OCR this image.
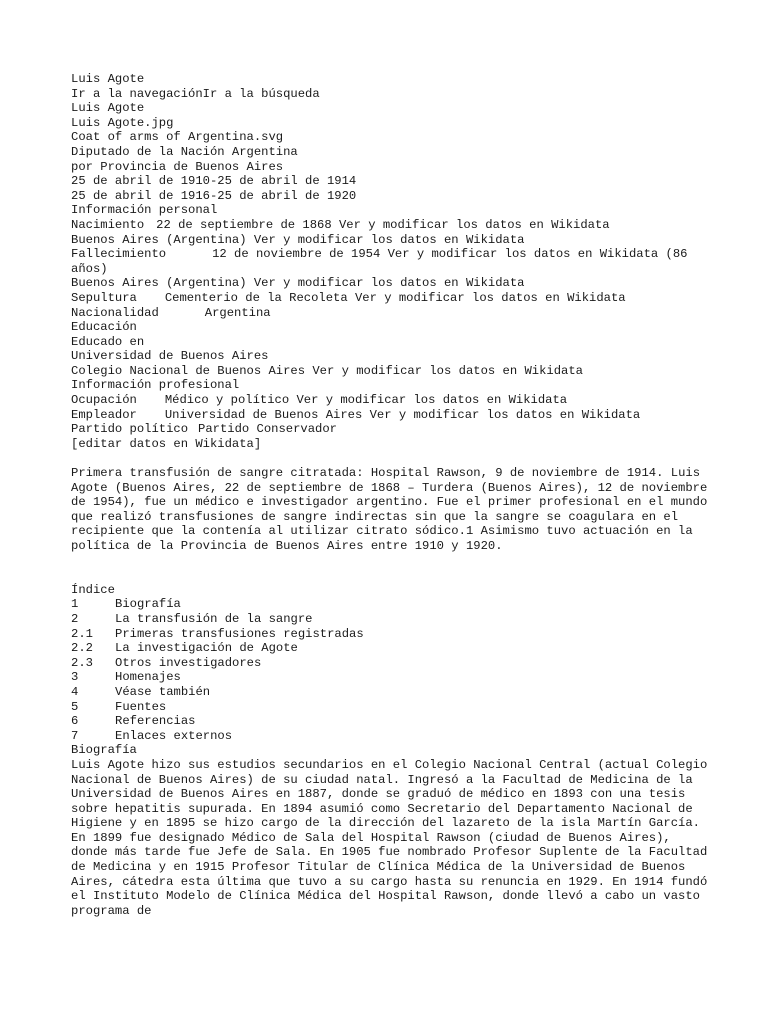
Luis Agote
Ir a la navegaciónIr a la búsqueda
Luis Agote
Luis Agote.jpg
Coat of arms of Argentina.svg
Diputado de la Nación Argentina
por Provincia de Buenos Aires
25 de abril de 1910-25 de abril de 1914
25 de abril de 1916-25 de abril de 1920
Información personal
Nacimiento 22 de septiembre de 1868 Ver y modificar los datos en Wikidata
Buenos Aires (Argentina) Ver y modificar los datos en Wikidata
Fallecimiento	12 de noviembre de 1954 Ver y modificar los datos en Wikidata (86
años)
Buenos Aires (Argentina) Ver y modificar los datos en Wikidata
Sepultura Cementerio de la Recoleta Ver y modificar los datos en Wikidata
Nacionalidad	Argentina
Educación
Educado en
Universidad de Buenos Aires
Colegio Nacional de Buenos Aires Ver y modificar los datos en Wikidata
Información profesional
Ocupación Médico y político Ver y modificar los datos en Wikidata
Empleador Universidad de Buenos Aires Ver y modificar los datos en Wikidata
Partido político Partido Conservador
[editar datos en Wikidata]
Primera transfusión de sangre citratada: Hospital Rawson, 9 de noviembre de 1914. Luis Agote (Buenos Aires, 22 de septiembre de 1868 – Turdera (Buenos Aires), 12 de noviembre de 1954), fue un médico e investigador argentino. Fue el primer profesional en el mundo que realizó transfusiones de sangre indirectas sin que la sangre se coagulara en el recipiente que la contenía al utilizar citrato sódico.1 Asimismo tuvo actuación en la política de la Provincia de Buenos Aires entre 1910 y 1920.
Índice
1	Biografía
2	La transfusión de la sangre
2.1 Primeras transfusiones registradas
2.2 La investigación de Agote
2.3 Otros investigadores
3	Homenajes
4	Véase también
5	Fuentes
6	Referencias
7	Enlaces externos
Biografía
Luis Agote hizo sus estudios secundarios en el Colegio Nacional Central (actual Colegio Nacional de Buenos Aires) de su ciudad natal. Ingresó a la Facultad de Medicina de la Universidad de Buenos Aires en 1887, donde se graduó de médico en 1893 con una tesis sobre hepatitis supurada. En 1894 asumió como Secretario del Departamento Nacional de Higiene y en 1895 se hizo cargo de la dirección del lazareto de la isla Martín García. En 1899 fue designado Médico de Sala del Hospital Rawson (ciudad de Buenos Aires), donde más tarde fue Jefe de Sala. En 1905 fue nombrado Profesor Suplente de la Facultad de Medicina y en 1915 Profesor Titular de Clínica Médica de la Universidad de Buenos Aires, cátedra esta última que tuvo a su cargo hasta su renuncia en 1929. En 1914 fundó el Instituto Modelo de Clínica Médica del Hospital Rawson, donde llevó a cabo un vasto programa de
